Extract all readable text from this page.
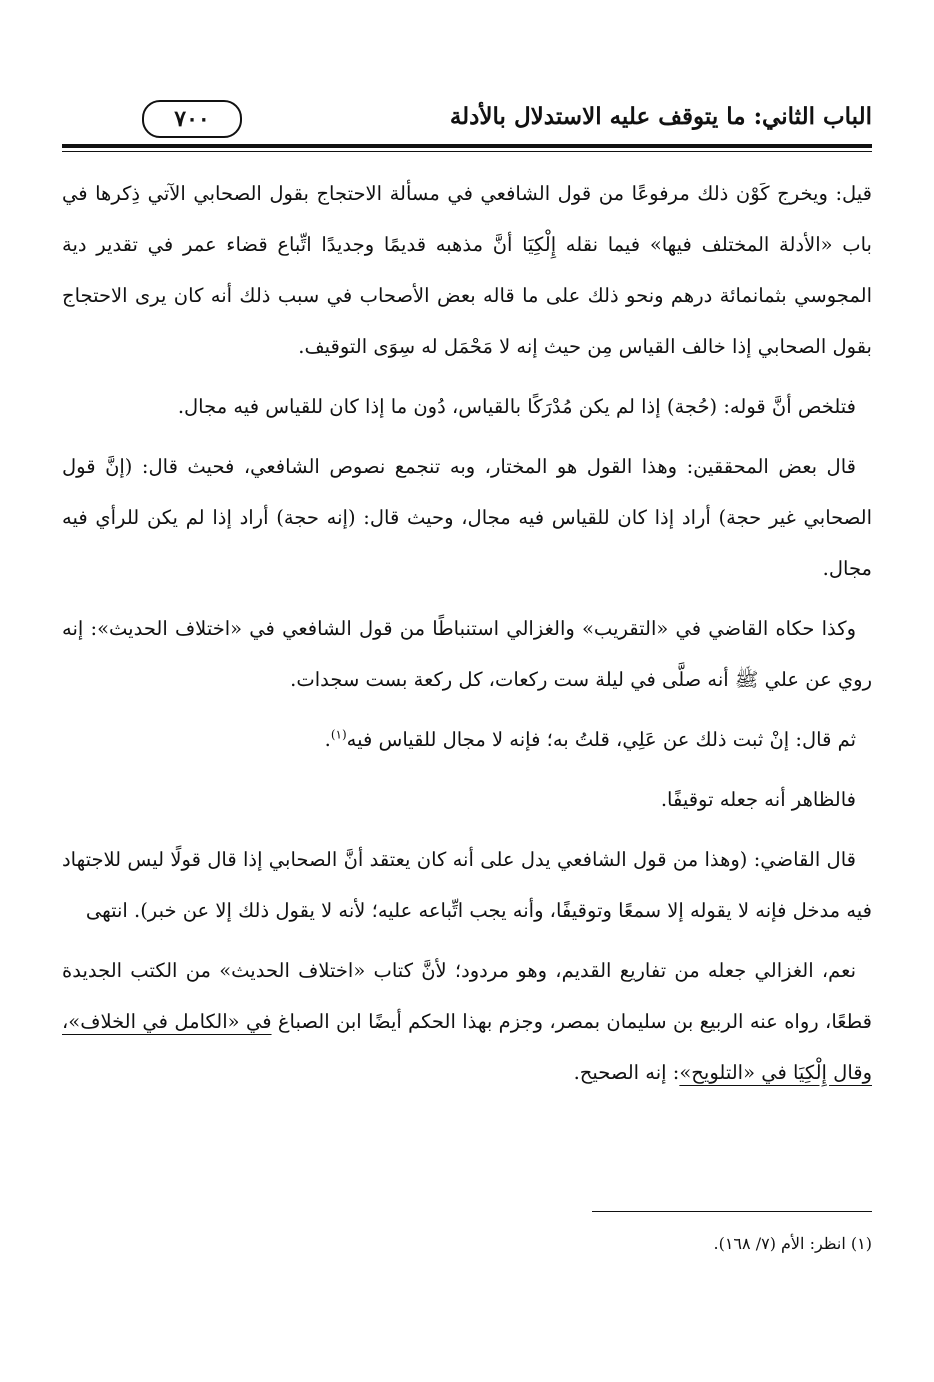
٧٠٠	الباب الثاني: ما يتوقف عليه الاستدلال بالأدلة

قيل: ويخرج كَوْن ذلك مرفوعًا من قول الشافعي في مسألة الاحتجاج بقول الصحابي الآتي ذِكرها في باب «الأدلة المختلف فيها» فيما نقله إِلْكِيَا أنَّ مذهبه قديمًا وجديدًا اتِّباع قضاء عمر في تقدير دية المجوسي بثمانمائة درهم ونحو ذلك على ما قاله بعض الأصحاب في سبب ذلك أنه كان يرى الاحتجاج بقول الصحابي إذا خالف القياس مِن حيث إنه لا مَحْمَل له سِوَى التوقيف.

فتلخص أنَّ قوله: (حُجة) إذا لم يكن مُدْرَكًا بالقياس، دُون ما إذا كان للقياس فيه مجال.

قال بعض المحققين: وهذا القول هو المختار، وبه تنجمع نصوص الشافعي، فحيث قال: (إنَّ قول الصحابي غير حجة) أراد إذا كان للقياس فيه مجال، وحيث قال: (إنه حجة) أراد إذا لم يكن للرأي فيه مجال.

وكذا حكاه القاضي في «التقريب» والغزالي استنباطًا من قول الشافعي في «اختلاف الحديث»: إنه روي عن علي ﷺ أنه صلَّى في ليلة ست ركعات، كل ركعة بست سجدات.

ثم قال: إنْ ثبت ذلك عن عَلِي، قلتُ به؛ فإنه لا مجال للقياس فيه$^{(١)}$.

فالظاهر أنه جعله توقيفًا.

قال القاضي: (وهذا من قول الشافعي يدل على أنه كان يعتقد أنَّ الصحابي إذا قال قولًا ليس للاجتهاد فيه مدخل فإنه لا يقوله إلا سمعًا وتوقيفًا، وأنه يجب اتِّباعه عليه؛ لأنه لا يقول ذلك إلا عن خبر). انتهى

نعم، الغزالي جعله من تفاريع القديم، وهو مردود؛ لأنَّ كتاب «اختلاف الحديث» من الكتب الجديدة قطعًا، رواه عنه الربيع بن سليمان بمصر، وجزم بهذا الحكم أيضًا ابن الصباغ في «الكامل في الخلاف»، وقال إِلْكِيَا في «التلويح»: إنه الصحيح.

(١) انظر: الأم (٧/ ١٦٨).
